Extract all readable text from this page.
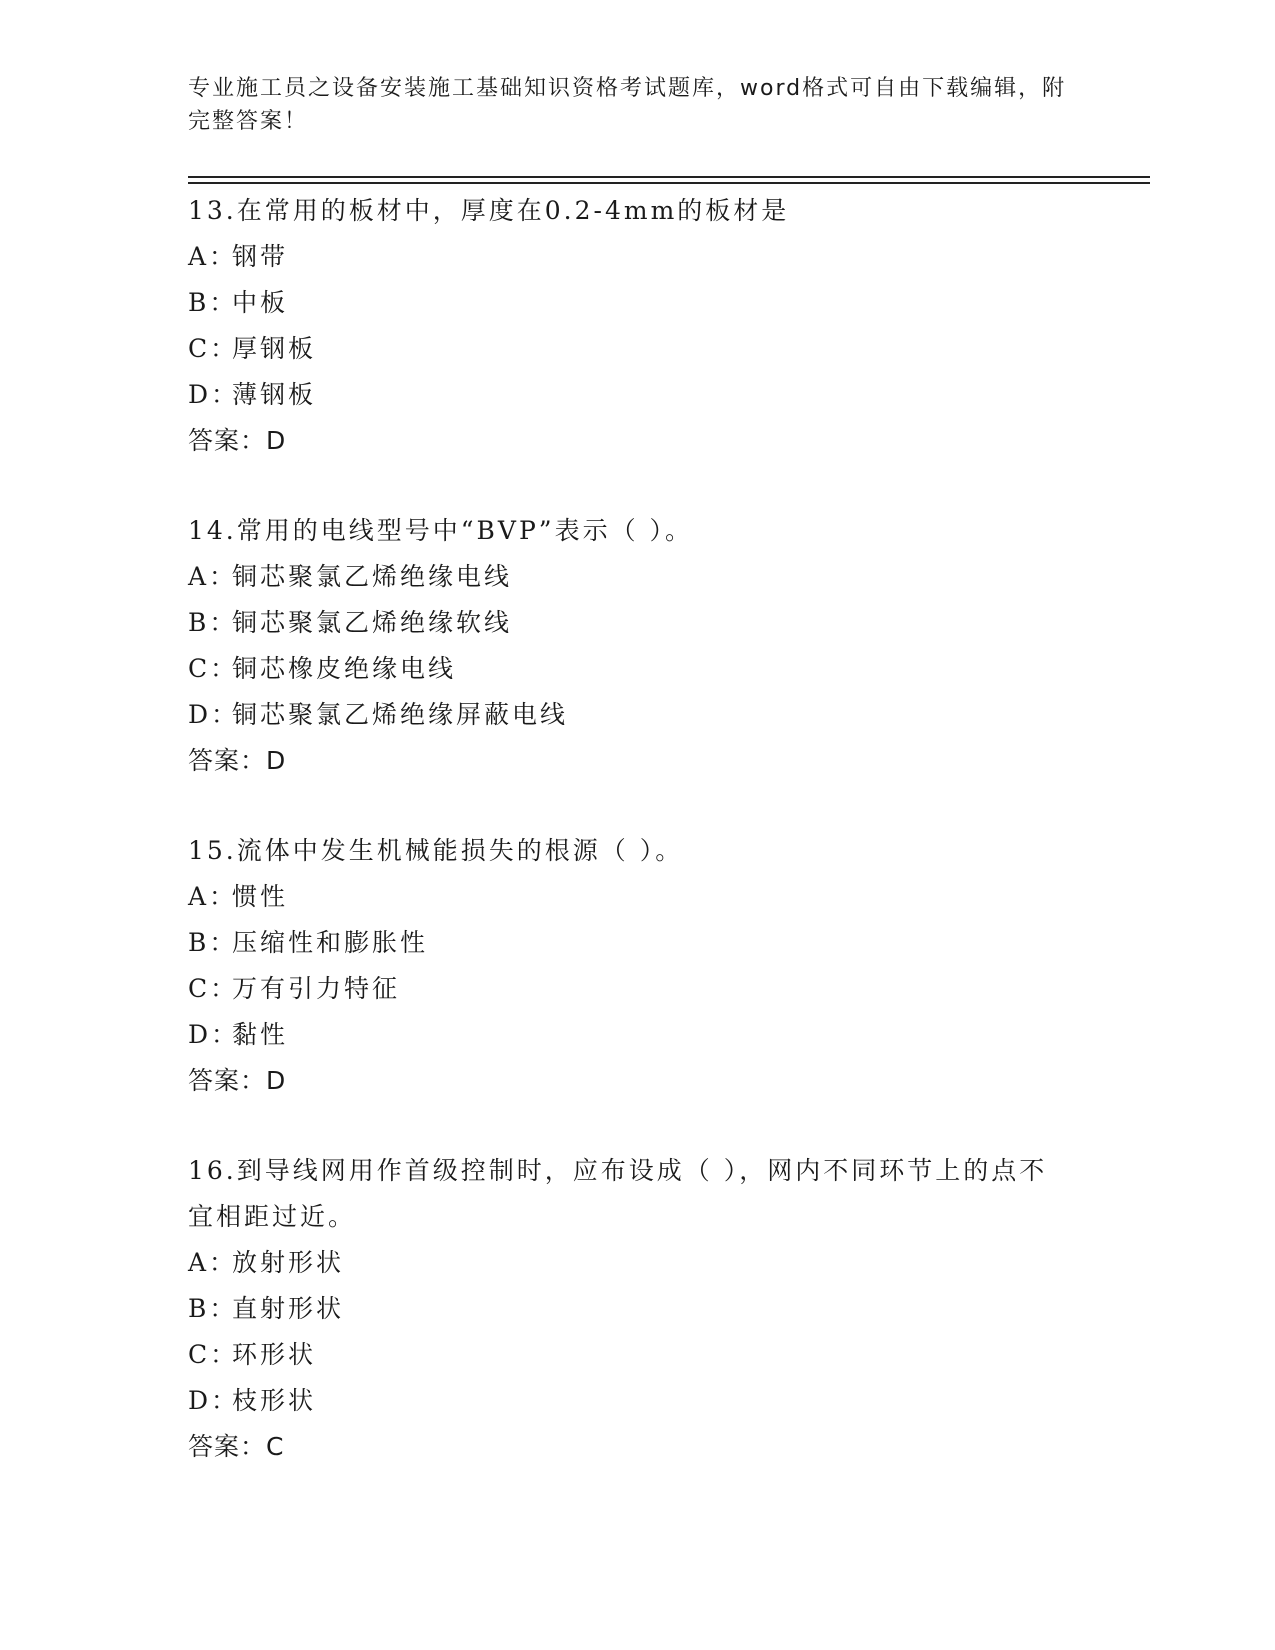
专业施工员之设备安装施工基础知识资格考试题库，word格式可自由下载编辑，附完整答案！
13.在常用的板材中，厚度在0.2-4mm的板材是
A：钢带
B：中板
C：厚钢板
D：薄钢板
答案：D
14.常用的电线型号中“BVP”表示（ ）。
A：铜芯聚氯乙烯绝缘电线
B：铜芯聚氯乙烯绝缘软线
C：铜芯橡皮绝缘电线
D：铜芯聚氯乙烯绝缘屏蔽电线
答案：D
15.流体中发生机械能损失的根源（ ）。
A：惯性
B：压缩性和膨胀性
C：万有引力特征
D：黏性
答案：D
16.到导线网用作首级控制时，应布设成（ ），网内不同环节上的点不宜相距过近。
A：放射形状
B：直射形状
C：环形状
D：枝形状
答案：C
